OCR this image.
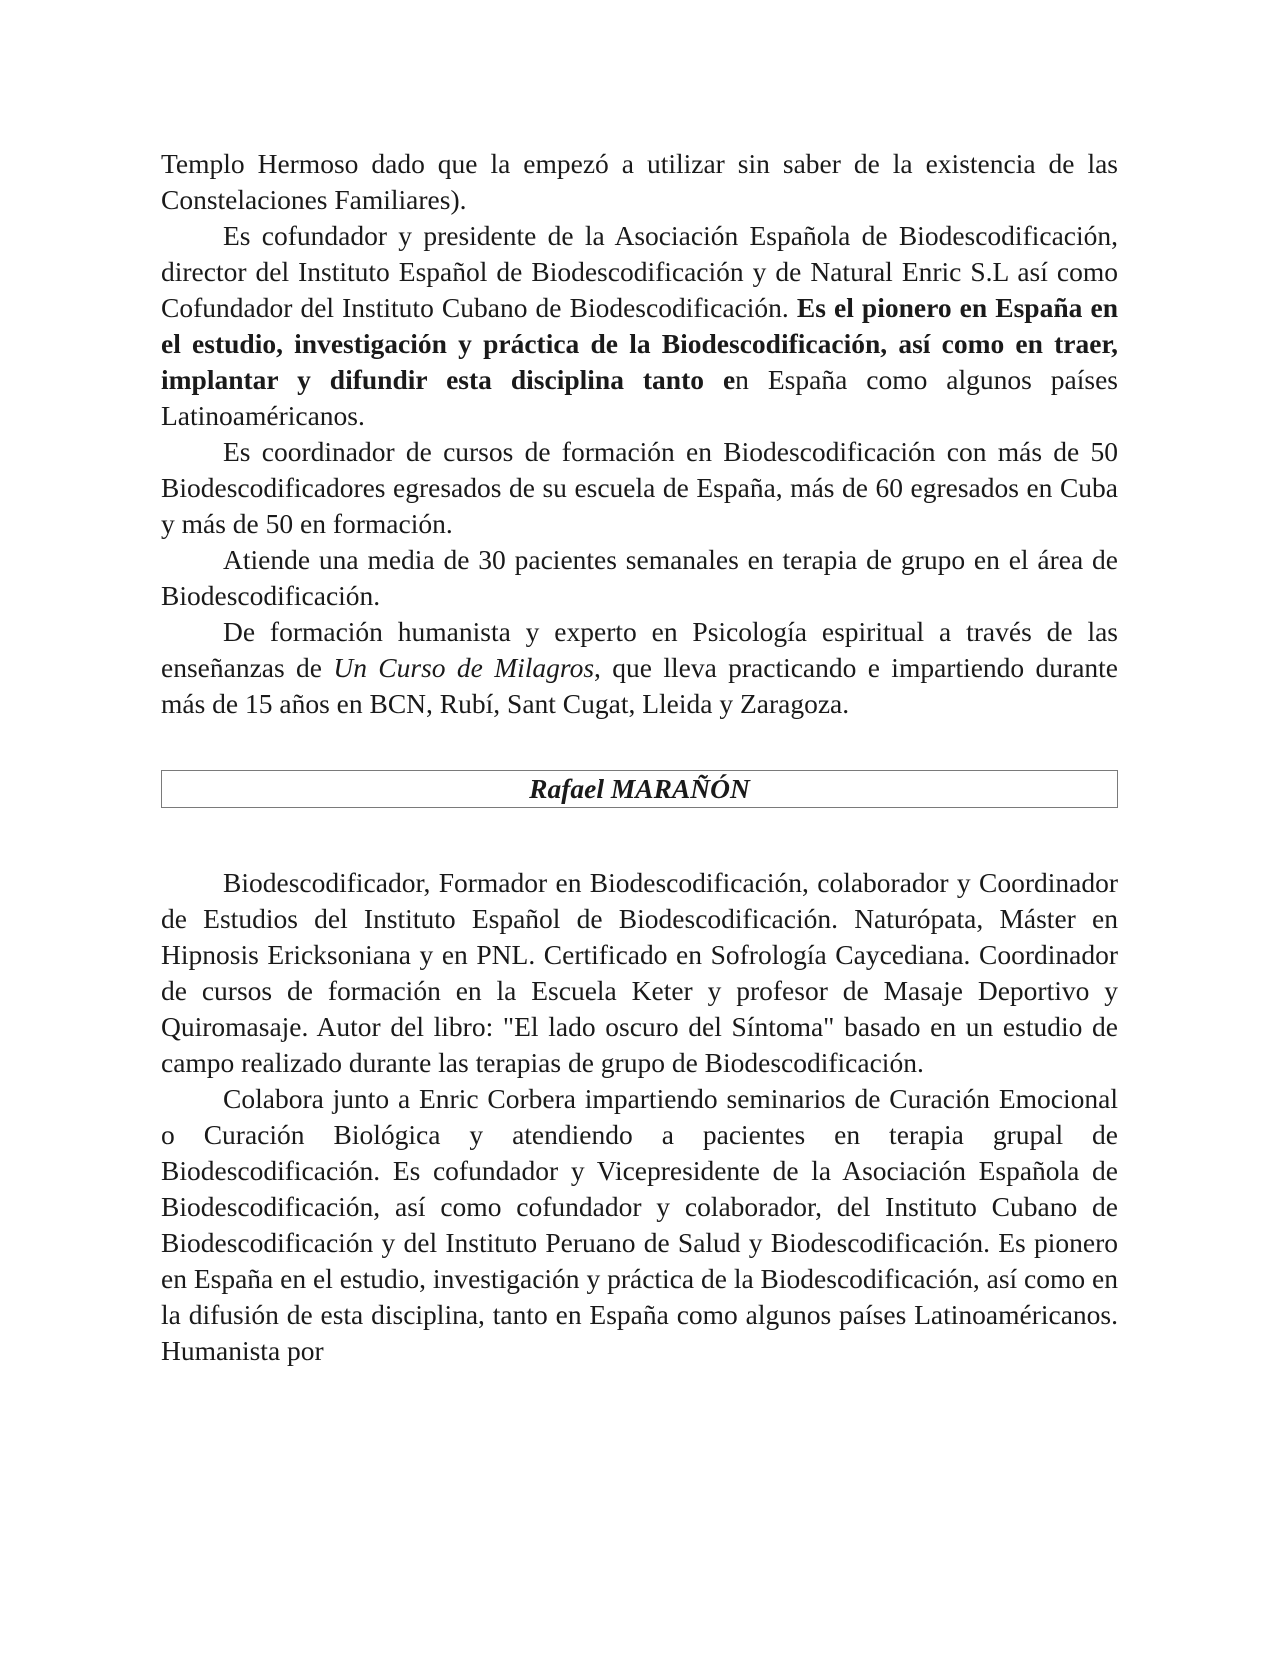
Templo Hermoso dado que la empezó a utilizar sin saber de la existencia de las Constelaciones Familiares).

Es cofundador y presidente de la Asociación Española de Biodescodificación, director del Instituto Español de Biodescodificación y de Natural Enric S.L así como Cofundador del Instituto Cubano de Biodescodificación. Es el pionero en España en el estudio, investigación y práctica de la Biodescodificación, así como en traer, implantar y difundir esta disciplina tanto en España como algunos países Latinoaméricanos.

Es coordinador de cursos de formación en Biodescodificación con más de 50 Biodescodificadores egresados de su escuela de España, más de 60 egresados en Cuba y más de 50 en formación.

Atiende una media de 30 pacientes semanales en terapia de grupo en el área de Biodescodificación.

De formación humanista y experto en Psicología espiritual a través de las enseñanzas de Un Curso de Milagros, que lleva practicando e impartiendo durante más de 15 años en BCN, Rubí, Sant Cugat, Lleida y Zaragoza.

Rafael MARAÑÓN

Biodescodificador, Formador en Biodescodificación, colaborador y Coordinador de Estudios del Instituto Español de Biodescodificación. Naturópata, Máster en Hipnosis Ericksoniana y en PNL. Certificado en Sofrología Caycediana. Coordinador de cursos de formación en la Escuela Keter y profesor de Masaje Deportivo y Quiromasaje. Autor del libro: "El lado oscuro del Síntoma" basado en un estudio de campo realizado durante las terapias de grupo de Biodescodificación.

Colabora junto a Enric Corbera impartiendo seminarios de Curación Emocional o Curación Biológica y atendiendo a pacientes en terapia grupal de Biodescodificación. Es cofundador y Vicepresidente de la Asociación Española de Biodescodificación, así como cofundador y colaborador, del Instituto Cubano de Biodescodificación y del Instituto Peruano de Salud y Biodescodificación. Es pionero en España en el estudio, investigación y práctica de la Biodescodificación, así como en la difusión de esta disciplina, tanto en España como algunos países Latinoaméricanos. Humanista por
